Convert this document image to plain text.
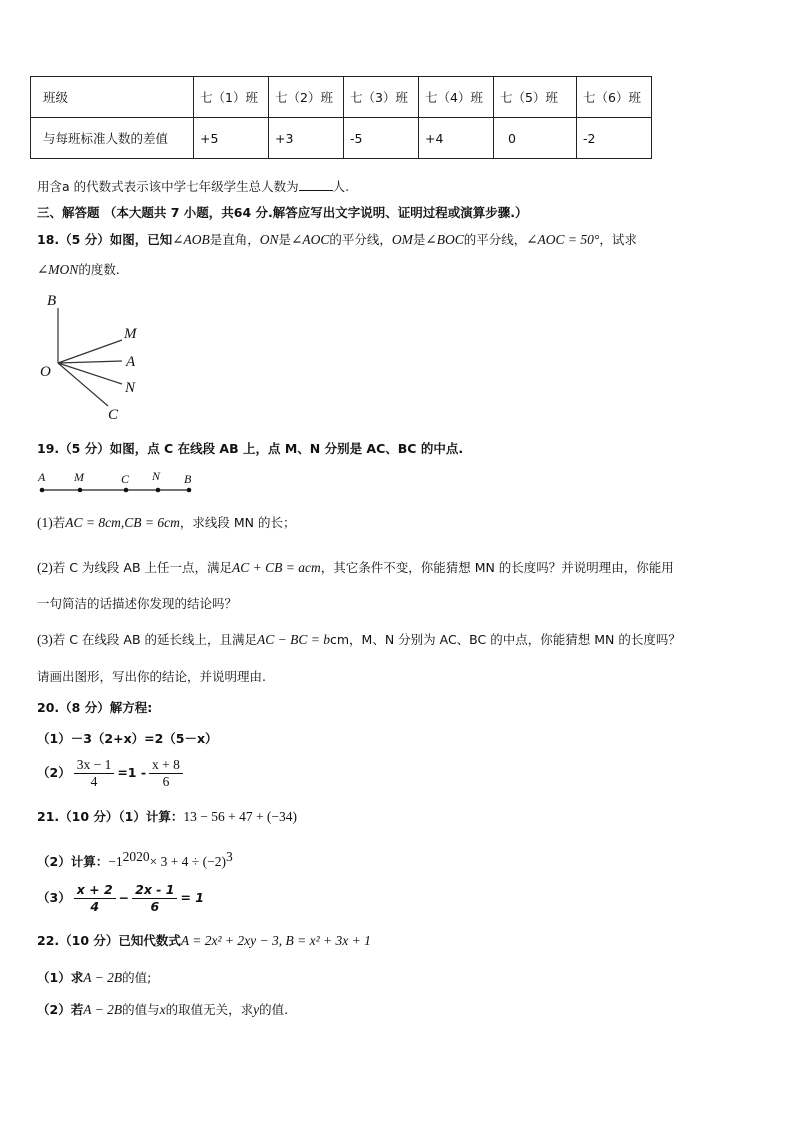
班级	七（1）班	七（2）班	七（3）班	七（4）班	七（5）班	七（6）班
与每班标准人数的差值	+5	+3	-5	+4	0	-2
用含a 的代数式表示该中学七年级学生总人数为	人.
三、解答题 （本大题共 7 小题，共64 分.解答应写出文字说明、证明过程或演算步骤.）
18.（5 分）如图，已知∠AOB是直角，ON是∠AOC的平分线，OM是∠BOC的平分线，∠AOC = 50°，试求
∠MON的度数.
B
M
A
O
N
C
19.（5 分）如图，点 C 在线段 AB 上，点 M、N 分别是 AC、BC 的中点.
A M	C N B
(1)若AC = 8cm,CB = 6cm，求线段 MN 的长；
(2)若 C 为线段 AB 上任一点，满足AC + CB = acm，其它条件不变，你能猜想 MN 的长度吗？并说明理由，你能用
一句简洁的话描述你发现的结论吗？
(3)若 C 在线段 AB 的延长线上，且满足AC − BC = bcm，M、N 分别为 AC、BC 的中点，你能猜想 MN 的长度吗？
请画出图形，写出你的结论，并说明理由.
20.（8 分）解方程:
（1）－3（2+x）=2（5－x）
$(2) \frac{3x - 1}{4} =1 - \frac{x + 8}{6}$
21.（10 分）（1）计算：13 − 56 + 47 + (−34)
（2）计算：$-1^{2020}\times 3 + 4 \div (-2)^3$
$(3) \frac{x + 2}{4} - \frac{2x - 1}{6} = 1$
22.（10 分）已知代数式A = 2x² + 2xy − 3, B = x² + 3x + 1
（1）求A − 2B的值;
（2）若A − 2B的值与x的取值无关，求y的值.
